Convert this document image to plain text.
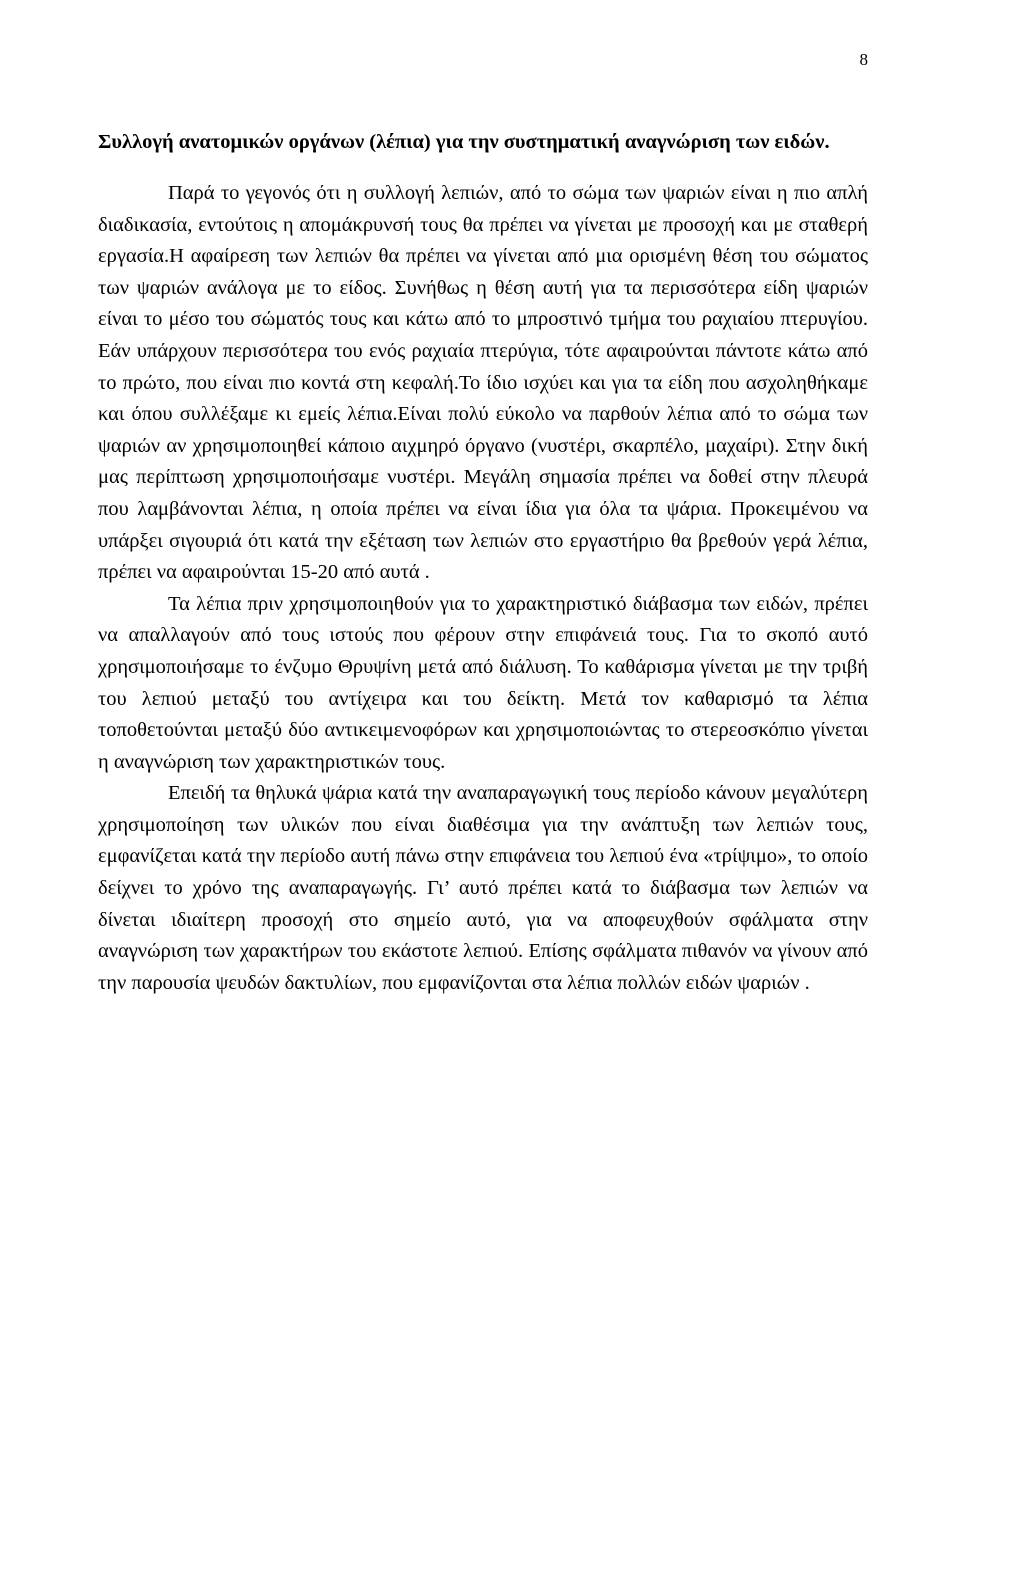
8

Συλλογή ανατομικών οργάνων (λέπια) για την συστηματική αναγνώριση των ειδών.

Παρά το γεγονός ότι η συλλογή λεπιών, από το σώμα των ψαριών είναι η πιο απλή διαδικασία, εντούτοις η απομάκρυνσή τους θα πρέπει να γίνεται με προσοχή και με σταθερή εργασία.Η αφαίρεση των λεπιών θα πρέπει να γίνεται από μια ορισμένη θέση του σώματος των ψαριών ανάλογα με το είδος. Συνήθως η θέση αυτή για τα περισσότερα είδη ψαριών είναι το μέσο του σώματός τους και κάτω από το μπροστινό τμήμα του ραχιαίου πτερυγίου. Εάν υπάρχουν περισσότερα του ενός ραχιαία πτερύγια, τότε αφαιρούνται πάντοτε κάτω από το πρώτο, που είναι πιο κοντά στη κεφαλή.Το ίδιο ισχύει και για τα είδη που ασχοληθήκαμε και όπου συλλέξαμε κι εμείς λέπια.Είναι πολύ εύκολο να παρθούν λέπια από το σώμα των ψαριών αν χρησιμοποιηθεί κάποιο αιχμηρό όργανο (νυστέρι, σκαρπέλο, μαχαίρι). Στην δική μας περίπτωση χρησιμοποιήσαμε νυστέρι. Μεγάλη σημασία πρέπει να δοθεί στην πλευρά που λαμβάνονται λέπια, η οποία πρέπει να είναι ίδια για όλα τα ψάρια. Προκειμένου να υπάρξει σιγουριά ότι κατά την εξέταση των λεπιών στο εργαστήριο θα βρεθούν γερά λέπια, πρέπει να αφαιρούνται 15-20 από αυτά .

Τα λέπια πριν χρησιμοποιηθούν για το χαρακτηριστικό διάβασμα των ειδών, πρέπει να απαλλαγούν από τους ιστούς που φέρουν στην επιφάνειά τους. Για το σκοπό αυτό χρησιμοποιήσαμε το ένζυμο Θρυψίνη μετά από διάλυση. Το καθάρισμα γίνεται με την τριβή του λεπιού μεταξύ του αντίχειρα και του δείκτη. Μετά τον καθαρισμό τα λέπια τοποθετούνται μεταξύ δύο αντικειμενοφόρων και χρησιμοποιώντας το στερεοσκόπιο γίνεται η αναγνώριση των χαρακτηριστικών τους.

Επειδή τα θηλυκά ψάρια κατά την αναπαραγωγική τους περίοδο κάνουν μεγαλύτερη χρησιμοποίηση των υλικών που είναι διαθέσιμα για την ανάπτυξη των λεπιών τους, εμφανίζεται κατά την περίοδο αυτή πάνω στην επιφάνεια του λεπιού ένα «τρίψιμο», το οποίο δείχνει το χρόνο της αναπαραγωγής. Γι’ αυτό πρέπει κατά το διάβασμα των λεπιών να δίνεται ιδιαίτερη προσοχή στο σημείο αυτό, για να αποφευχθούν σφάλματα στην αναγνώριση των χαρακτήρων του εκάστοτε λεπιού. Επίσης σφάλματα πιθανόν να γίνουν από την παρουσία ψευδών δακτυλίων, που εμφανίζονται στα λέπια πολλών ειδών ψαριών .
